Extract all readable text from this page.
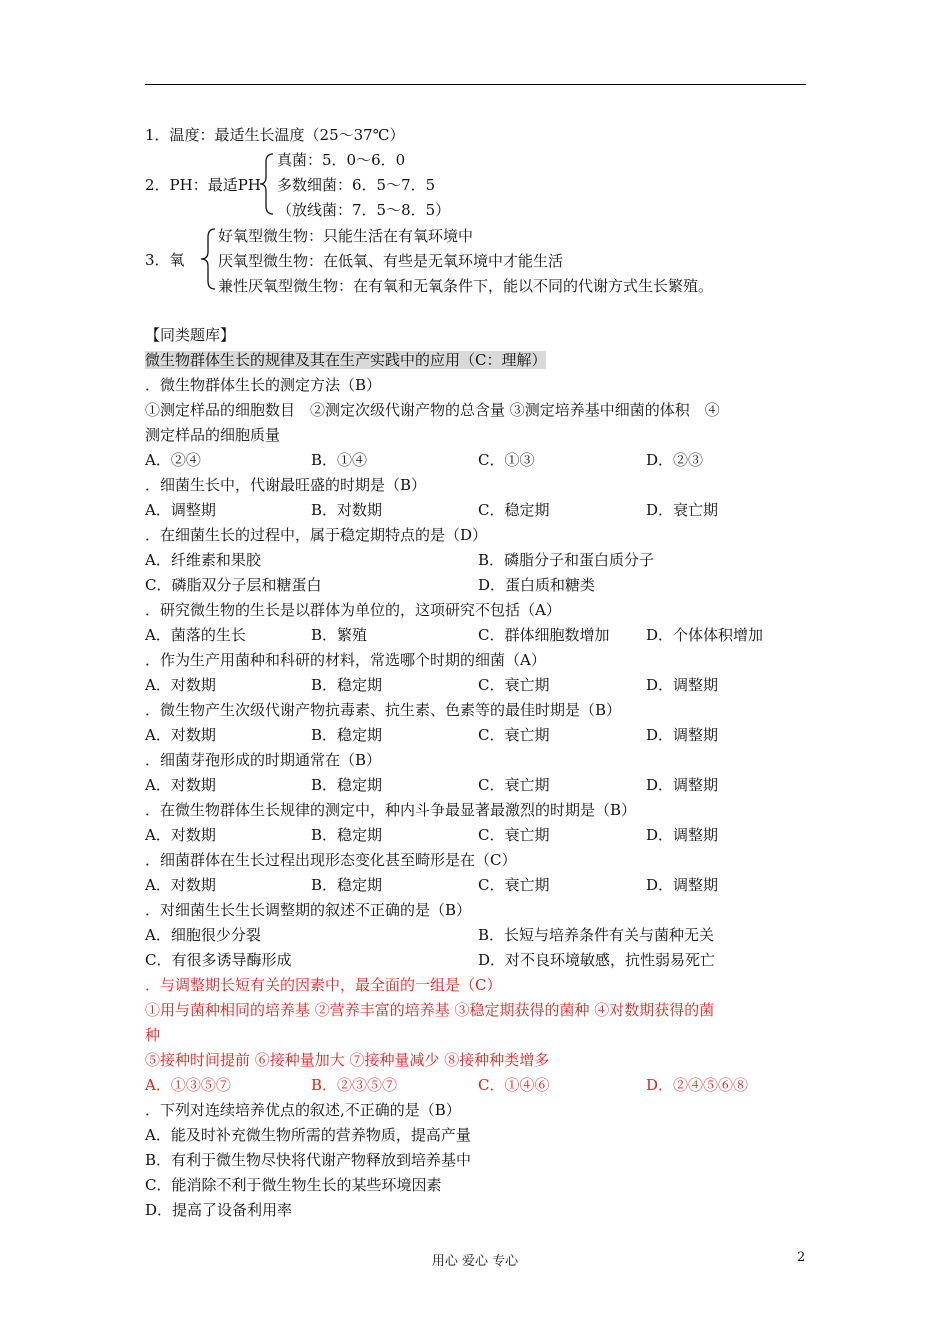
1．温度：最适生长温度（25～37℃）
2．PH：最适PH
真菌：5．0～6．0
多数细菌：6．5～7．5
（放线菌：7．5～8．5）
3．氧
好氧型微生物：只能生活在有氧环境中
厌氧型微生物：在低氧、有些是无氧环境中才能生活
兼性厌氧型微生物：在有氧和无氧条件下，能以不同的代谢方式生长繁殖。
【同类题库】
微生物群体生长的规律及其在生产实践中的应用（C：理解）
．微生物群体生长的测定方法（B）
①测定样品的细胞数目　②测定次级代谢产物的总含量 ③测定培养基中细菌的体积　④
测定样品的细胞质量
A．②④	B．①④	C．①③	D．②③
．细菌生长中，代谢最旺盛的时期是（B）
A．调整期	B．对数期	C．稳定期	D．衰亡期
．在细菌生长的过程中，属于稳定期特点的是（D）
A．纤维素和果胶	B．磷脂分子和蛋白质分子
C．磷脂双分子层和糖蛋白	D．蛋白质和糖类
．研究微生物的生长是以群体为单位的，这项研究不包括（A）
A．菌落的生长	B．繁殖	C．群体细胞数增加 D．个体体积增加
．作为生产用菌种和科研的材料，常选哪个时期的细菌（A）
A．对数期	B．稳定期	C．衰亡期	D．调整期
．微生物产生次级代谢产物抗毒素、抗生素、色素等的最佳时期是（B）
A．对数期	B．稳定期	C．衰亡期	D．调整期
．细菌芽孢形成的时期通常在（B）
A．对数期	B．稳定期	C．衰亡期	D．调整期
．在微生物群体生长规律的测定中，种内斗争最显著最激烈的时期是（B）
A．对数期	B．稳定期	C．衰亡期	D．调整期
．细菌群体在生长过程出现形态变化甚至畸形是在（C）
A．对数期	B．稳定期	C．衰亡期	D．调整期
．对细菌生长生长调整期的叙述不正确的是（B）
A．细胞很少分裂	B．长短与培养条件有关与菌种无关
C．有很多诱导酶形成	D．对不良环境敏感，抗性弱易死亡
．与调整期长短有关的因素中，最全面的一组是（C）
①用与菌种相同的培养基 ②营养丰富的培养基 ③稳定期获得的菌种 ④对数期获得的菌
种
⑤接种时间提前 ⑥接种量加大 ⑦接种量减少 ⑧接种种类增多
A．①③⑤⑦	B．②③⑤⑦	C．①④⑥	D．②④⑤⑥⑧
．下列对连续培养优点的叙述,不正确的是（B）
A．能及时补充微生物所需的营养物质，提高产量
B．有利于微生物尽快将代谢产物释放到培养基中
C．能消除不利于微生物生长的某些环境因素
D．提高了设备利用率
用心 爱心 专心	2
